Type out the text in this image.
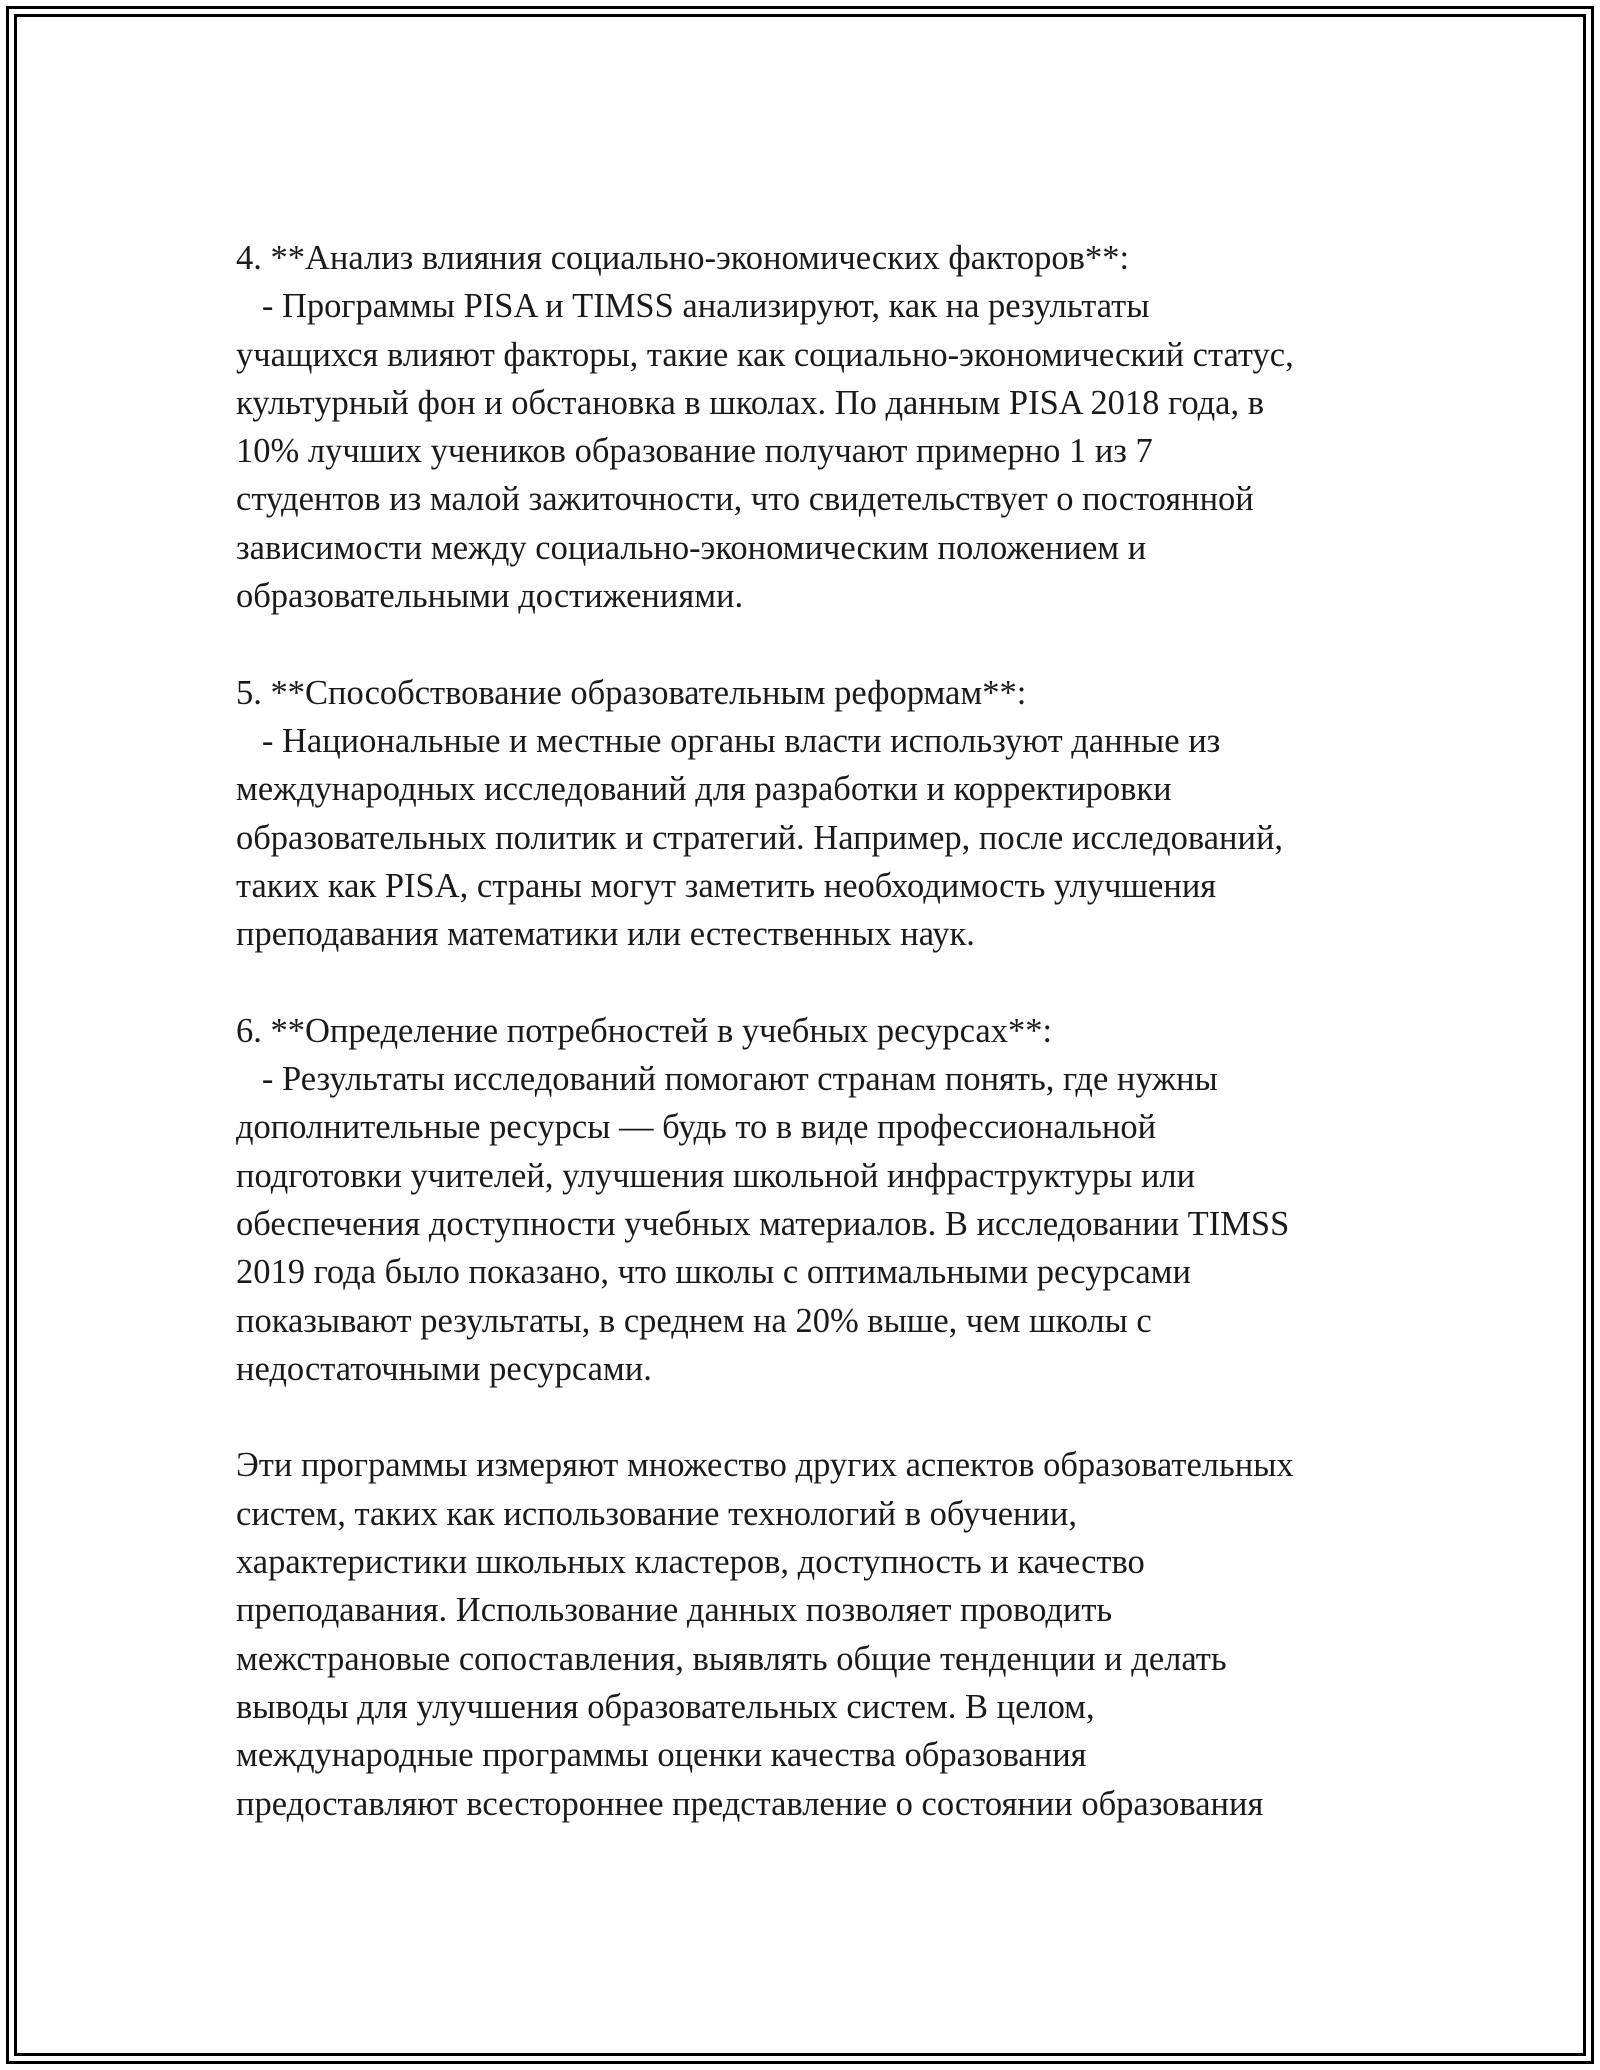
4. **Анализ влияния социально-экономических факторов**:
- Программы PISA и TIMSS анализируют, как на результаты
учащихся влияют факторы, такие как социально-экономический статус,
культурный фон и обстановка в школах. По данным PISA 2018 года, в
10% лучших учеников образование получают примерно 1 из 7
студентов из малой зажиточности, что свидетельствует о постоянной
зависимости между социально-экономическим положением и
образовательными достижениями.
5. **Способствование образовательным реформам**:
- Национальные и местные органы власти используют данные из
международных исследований для разработки и корректировки
образовательных политик и стратегий. Например, после исследований,
таких как PISA, страны могут заметить необходимость улучшения
преподавания математики или естественных наук.
6. **Определение потребностей в учебных ресурсах**:
- Результаты исследований помогают странам понять, где нужны
дополнительные ресурсы — будь то в виде профессиональной
подготовки учителей, улучшения школьной инфраструктуры или
обеспечения доступности учебных материалов. В исследовании TIMSS
2019 года было показано, что школы с оптимальными ресурсами
показывают результаты, в среднем на 20% выше, чем школы с
недостаточными ресурсами.
Эти программы измеряют множество других аспектов образовательных
систем, таких как использование технологий в обучении,
характеристики школьных кластеров, доступность и качество
преподавания. Использование данных позволяет проводить
межстрановые сопоставления, выявлять общие тенденции и делать
выводы для улучшения образовательных систем. В целом,
международные программы оценки качества образования
предоставляют всестороннее представление о состоянии образования
